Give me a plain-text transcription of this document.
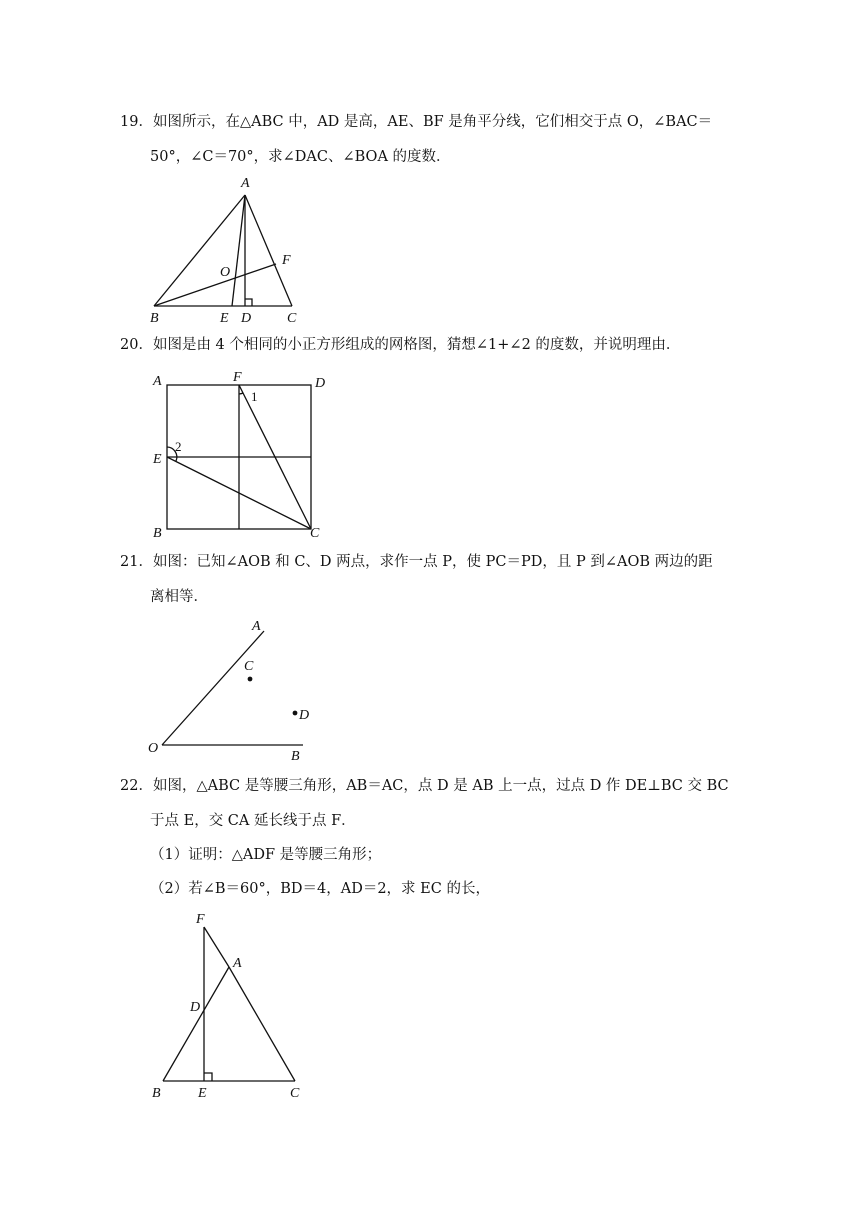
19．如图所示，在△ABC 中，AD 是高，AE、BF 是角平分线，它们相交于点 O，∠BAC＝
50°，∠C＝70°，求∠DAC、∠BOA 的度数．
A
B	C
D
E
F
O
20．如图是由 4 个相同的小正方形组成的网格图，猜想∠1+∠2 的度数，并说明理由．
A
B	C
D
E
F
1
2
21．如图：已知∠AOB 和 C、D 两点，求作一点 P，使 PC＝PD，且 P 到∠AOB 两边的距
离相等．
A
B
C
D
O
22．如图，△ABC 是等腰三角形，AB＝AC，点 D 是 AB 上一点，过点 D 作 DE⊥BC 交 BC
于点 E，交 CA 延长线于点 F．
（1）证明：△ADF 是等腰三角形；
（2）若∠B＝60°，BD＝4，AD＝2，求 EC 的长，
A
B	C
D
E
F
